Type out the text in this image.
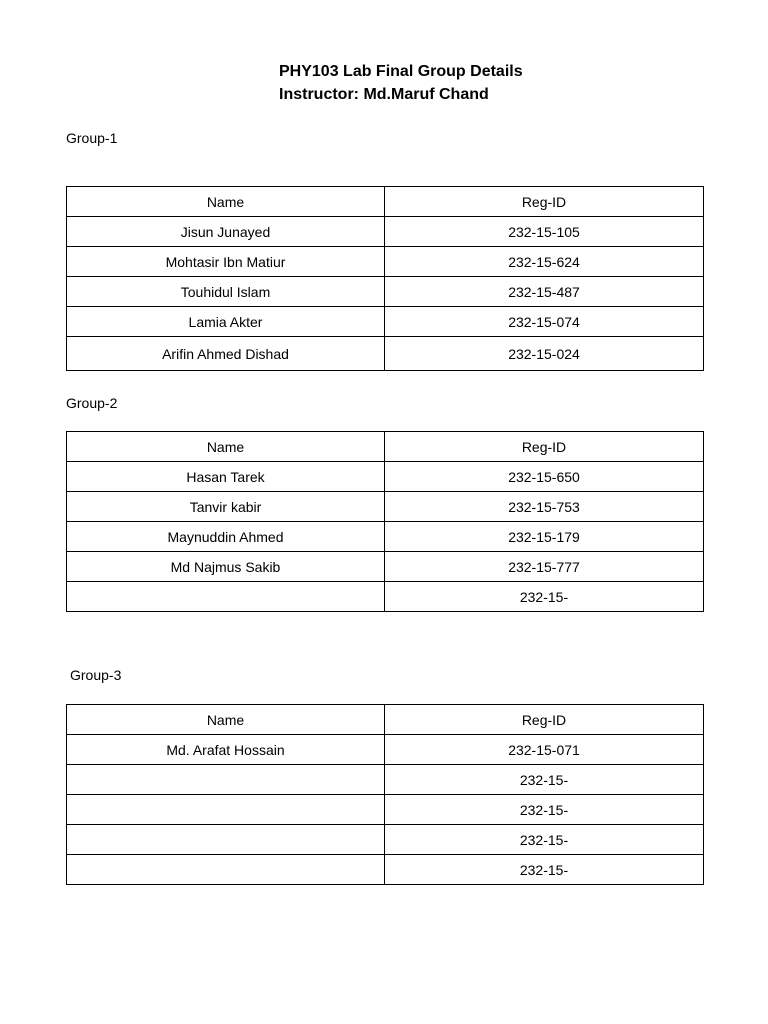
PHY103 Lab Final Group Details
Instructor: Md.Maruf Chand
Group-1
Name	Reg-ID
Jisun Junayed	232-15-105
Mohtasir Ibn Matiur	232-15-624
Touhidul Islam	232-15-487
Lamia Akter	232-15-074
Arifin Ahmed Dishad	232-15-024
Group-2
Name	Reg-ID
Hasan Tarek	232-15-650
Tanvir kabir	232-15-753
Maynuddin Ahmed	232-15-179
Md Najmus Sakib	232-15-777
	232-15-
Group-3
Name	Reg-ID
Md. Arafat Hossain	232-15-071
	232-15-
	232-15-
	232-15-
	232-15-
